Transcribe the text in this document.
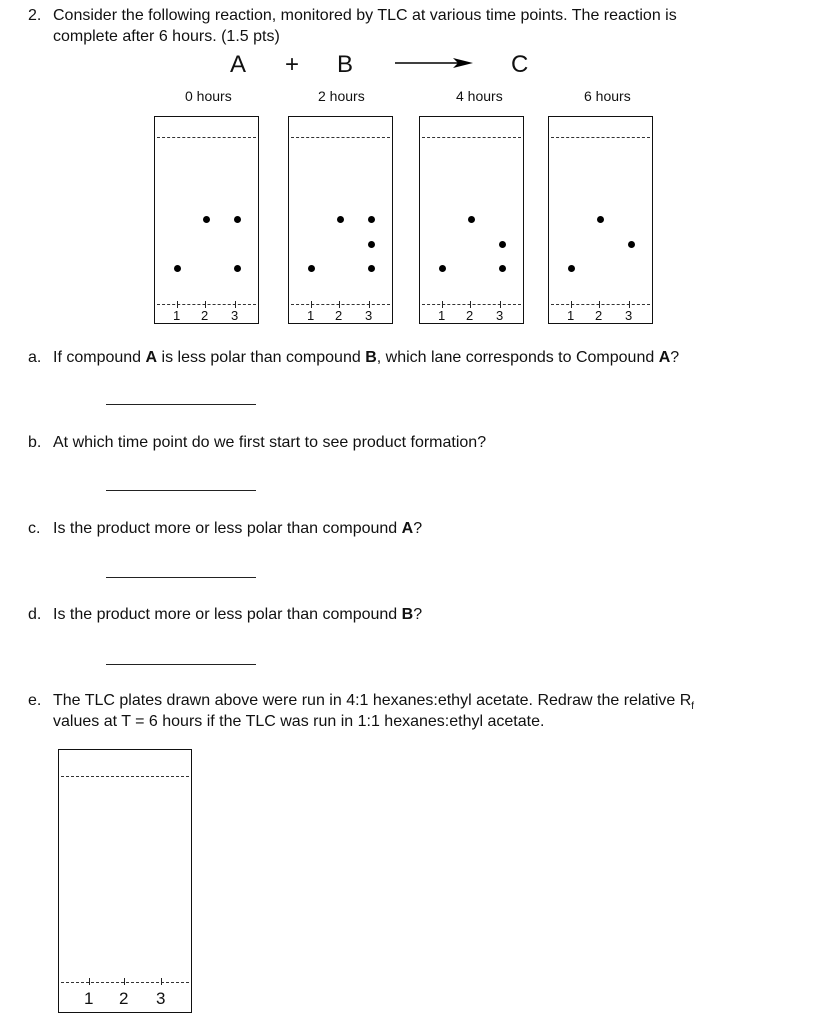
2. Consider the following reaction, monitored by TLC at various time points. The reaction is
complete after 6 hours. (1.5 pts)
A + B	C
0 hours	2 hours	4 hours	6 hours
1 2 3	1 2 3	1 2 3	1 2 3
a. If compound A is less polar than compound B, which lane corresponds to Compound A?
b. At which time point do we first start to see product formation?
c. Is the product more or less polar than compound A?
d. Is the product more or less polar than compound B?
e. The TLC plates drawn above were run in 4:1 hexanes:ethyl acetate. Redraw the relative $R_f$
values at T = 6 hours if the TLC was run in 1:1 hexanes:ethyl acetate.
1 2 3
